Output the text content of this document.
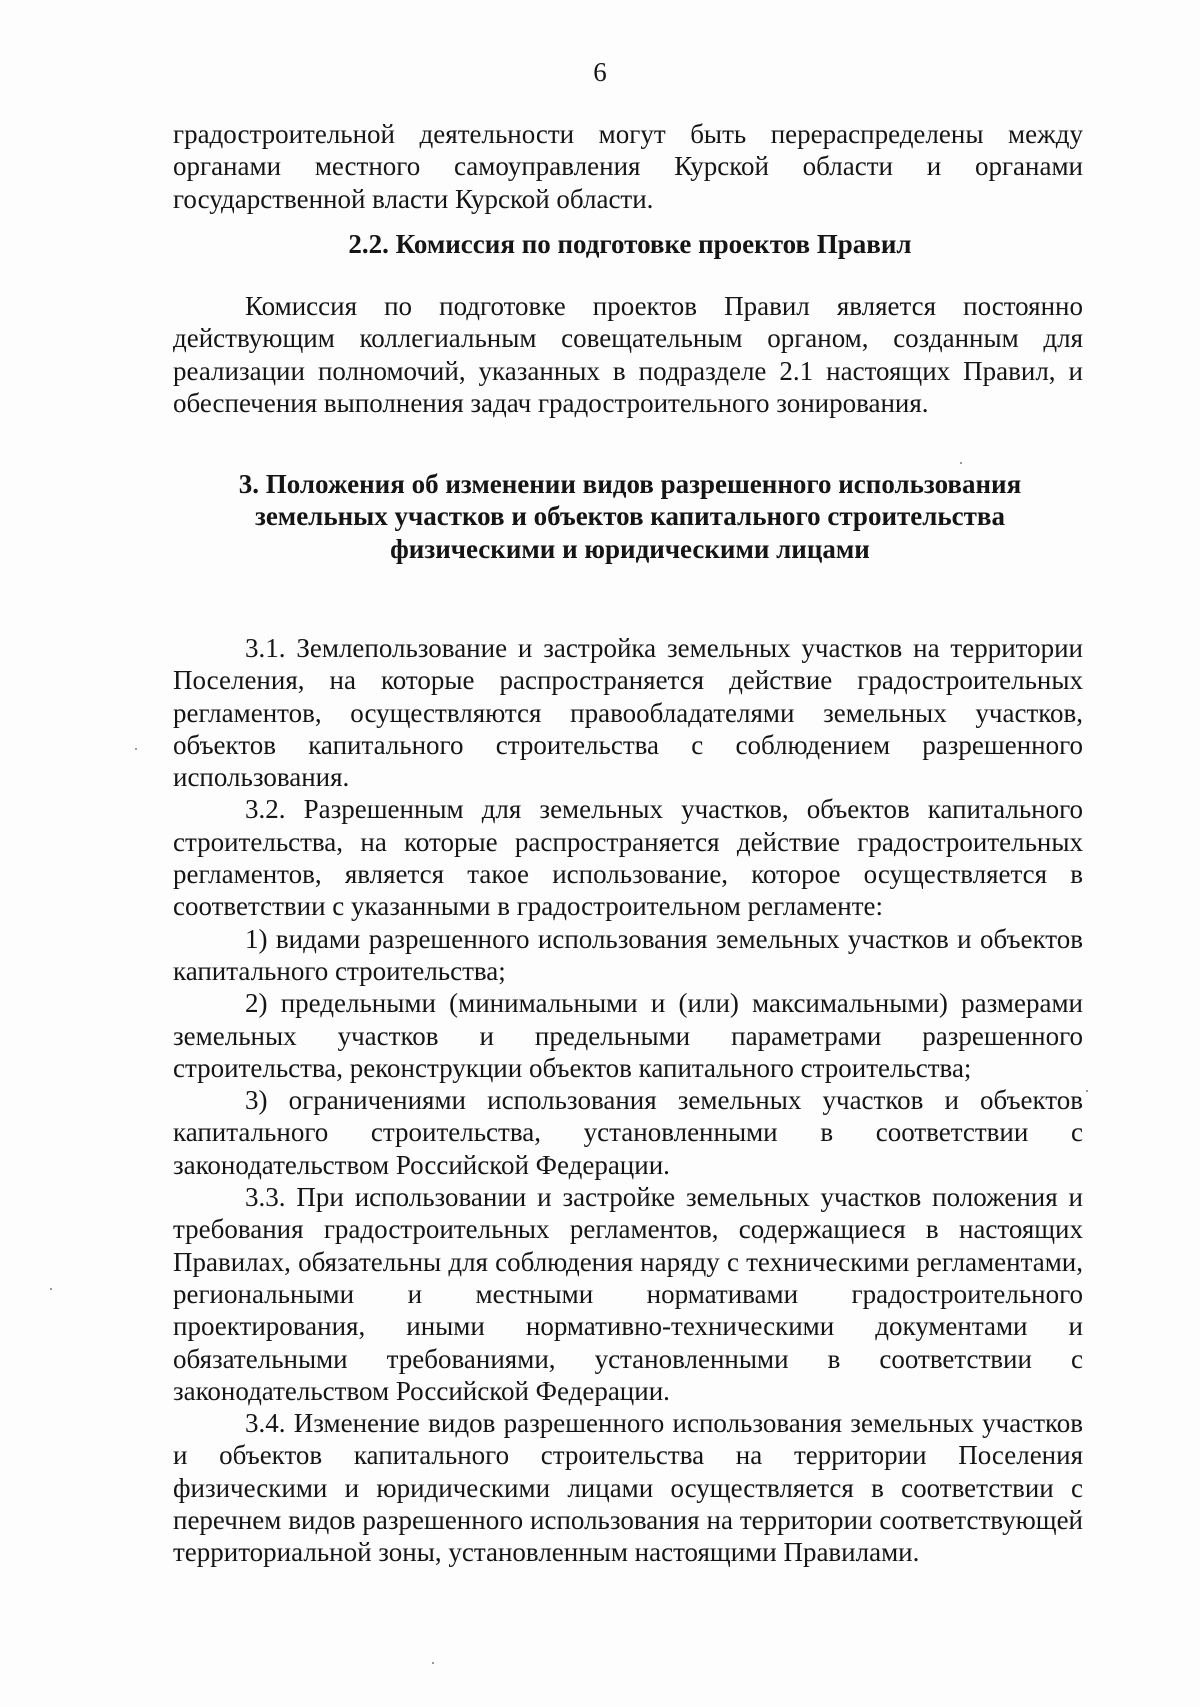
6

градостроительной деятельности могут быть перераспределены между органами местного самоуправления Курской области и органами государственной власти Курской области.

2.2. Комиссия по подготовке проектов Правил

Комиссия по подготовке проектов Правил является постоянно действующим коллегиальным совещательным органом, созданным для реализации полномочий, указанных в подразделе 2.1 настоящих Правил, и обеспечения выполнения задач градостроительного зонирования.

3. Положения об изменении видов разрешенного использования

земельных участков и объектов капитального строительства

физическими и юридическими лицами

3.1. Землепользование и застройка земельных участков на территории Поселения, на которые распространяется действие градостроительных регламентов, осуществляются правообладателями земельных участков, объектов капитального строительства с соблюдением разрешенного использования.

3.2. Разрешенным для земельных участков, объектов капитального строительства, на которые распространяется действие градостроительных регламентов, является такое использование, которое осуществляется в соответствии с указанными в градостроительном регламенте:

1) видами разрешенного использования земельных участков и объектов капитального строительства;

2) предельными (минимальными и (или) максимальными) размерами земельных участков и предельными параметрами разрешенного строительства, реконструкции объектов капитального строительства;

3) ограничениями использования земельных участков и объектов капитального строительства, установленными в соответствии с законодательством Российской Федерации.

3.3. При использовании и застройке земельных участков положения и требования градостроительных регламентов, содержащиеся в настоящих Правилах, обязательны для соблюдения наряду с техническими регламентами, региональными и местными нормативами градостроительного проектирования, иными нормативно-техническими документами и обязательными требованиями, установленными в соответствии с законодательством Российской Федерации.

3.4. Изменение видов разрешенного использования земельных участков и объектов капитального строительства на территории Поселения физическими и юридическими лицами осуществляется в соответствии с перечнем видов разрешенного использования на территории соответствующей территориальной зоны, установленным настоящими Правилами.
